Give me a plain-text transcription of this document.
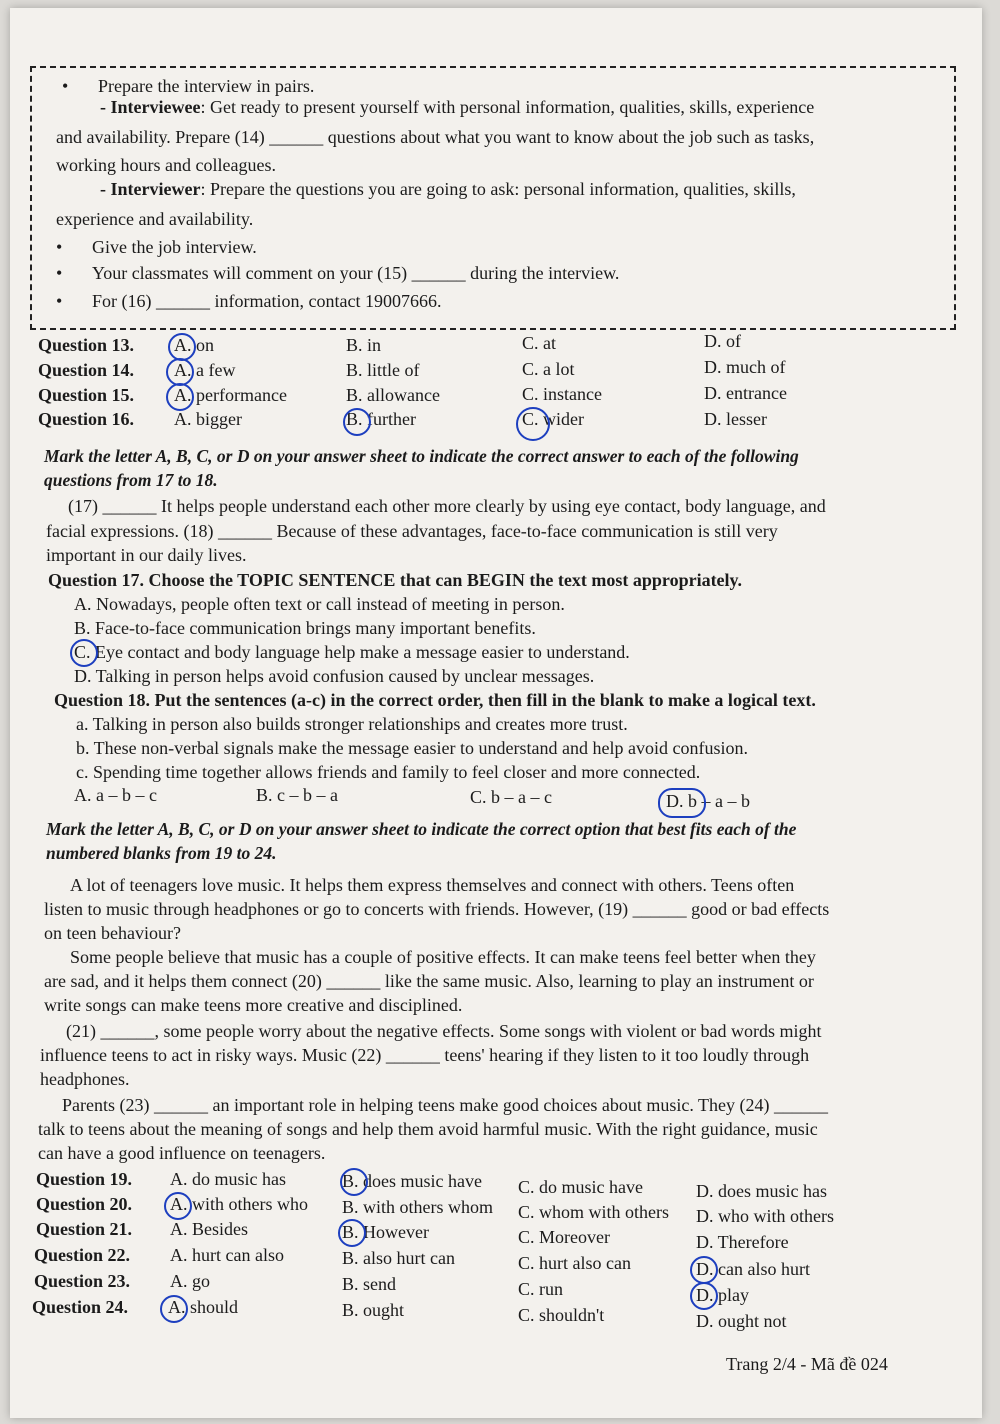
• Prepare the interview in pairs.
- Interviewee: Get ready to present yourself with personal information, qualities, skills, experience
and availability. Prepare (14) ______ questions about what you want to know about the job such as tasks,
working hours and colleagues.
- Interviewer: Prepare the questions you are going to ask: personal information, qualities, skills,
experience and availability.
• Give the job interview.
• Your classmates will comment on your (15) ______ during the interview.
• For (16) ______ information, contact 19007666.
Question 13. A. on	B. in	C. at	D. of
Question 14. A. a few	B. little of	C. a lot	D. much of
Question 15. A. performance	B. allowance	C. instance	D. entrance
Question 16. A. bigger	B. further	C. wider	D. lesser
Mark the letter A, B, C, or D on your answer sheet to indicate the correct answer to each of the following
questions from 17 to 18.
(17) ______ It helps people understand each other more clearly by using eye contact, body language, and
facial expressions. (18) ______ Because of these advantages, face-to-face communication is still very
important in our daily lives.
Question 17. Choose the TOPIC SENTENCE that can BEGIN the text most appropriately.
A. Nowadays, people often text or call instead of meeting in person.
B. Face-to-face communication brings many important benefits.
C. Eye contact and body language help make a message easier to understand.
D. Talking in person helps avoid confusion caused by unclear messages.
Question 18. Put the sentences (a-c) in the correct order, then fill in the blank to make a logical text.
a. Talking in person also builds stronger relationships and creates more trust.
b. These non-verbal signals make the message easier to understand and help avoid confusion.
c. Spending time together allows friends and family to feel closer and more connected.
A. a – b – c	B. c – b – a	C. b – a – c	D. b – a – b
Mark the letter A, B, C, or D on your answer sheet to indicate the correct option that best fits each of the
numbered blanks from 19 to 24.
A lot of teenagers love music. It helps them express themselves and connect with others. Teens often
listen to music through headphones or go to concerts with friends. However, (19) ______ good or bad effects
on teen behaviour?
Some people believe that music has a couple of positive effects. It can make teens feel better when they
are sad, and it helps them connect (20) ______ like the same music. Also, learning to play an instrument or
write songs can make teens more creative and disciplined.
(21) ______, some people worry about the negative effects. Some songs with violent or bad words might
influence teens to act in risky ways. Music (22) ______ teens' hearing if they listen to it too loudly through
headphones.
Parents (23) ______ an important role in helping teens make good choices about music. They (24) ______
talk to teens about the meaning of songs and help them avoid harmful music. With the right guidance, music
can have a good influence on teenagers.
Question 19. A. do music has	B. does music have C. do music have	D. does music has
Question 20. A. with others who B. with others whom C. whom with others D. who with others
Question 21. A. Besides	B. However	C. Moreover	D. Therefore
Question 22. A. hurt can also	B. also hurt can	C. hurt also can	D. can also hurt
Question 23. A. go	B. send	C. run	D. play
Question 24. A. should	B. ought	C. shouldn't	D. ought not
Trang 2/4 - Mã đề 024
